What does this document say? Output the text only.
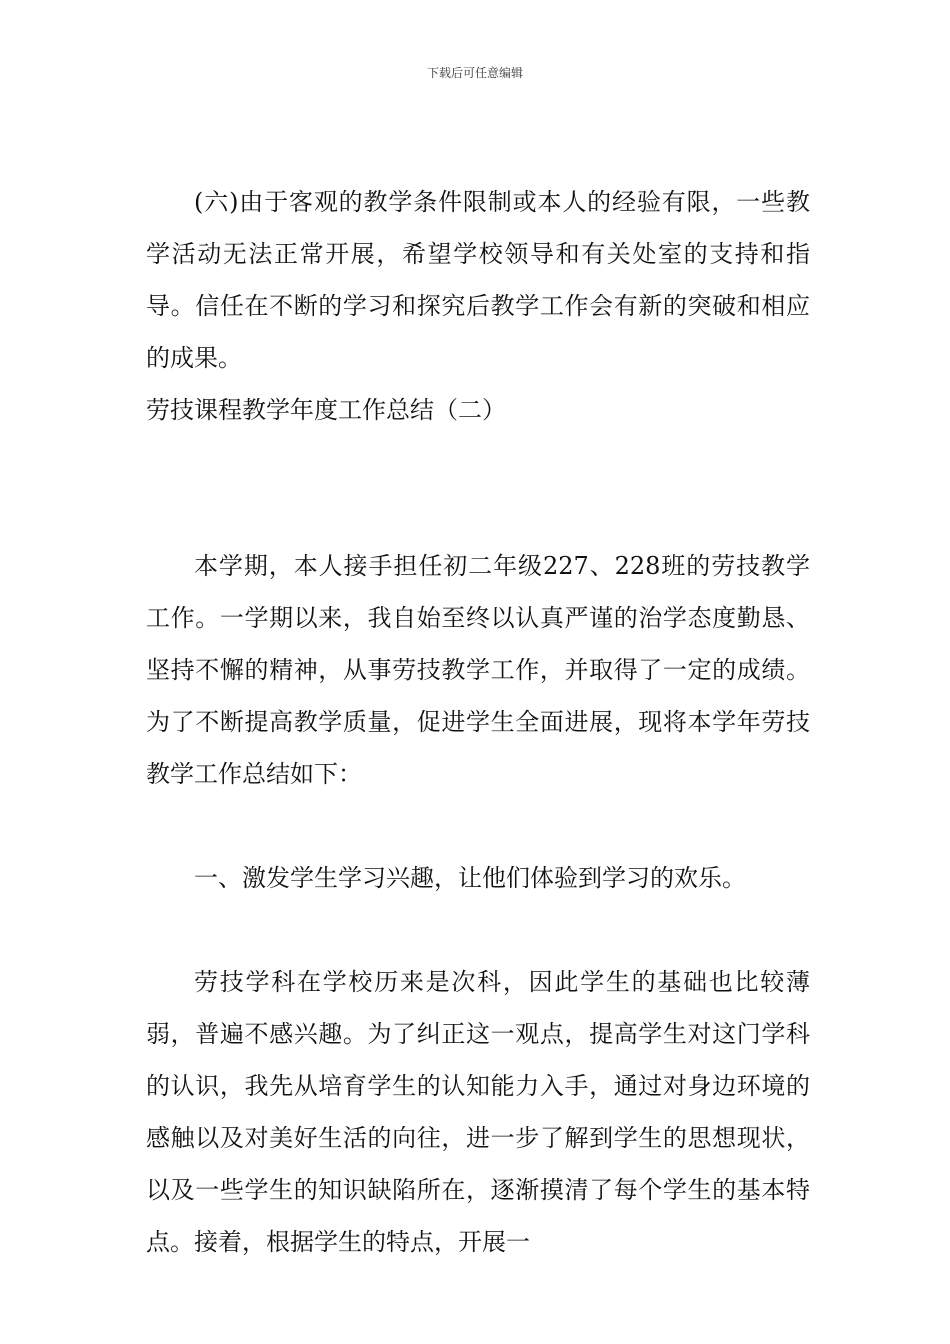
下载后可任意编辑

(六)由于客观的教学条件限制或本人的经验有限，一些教学活动无法正常开展，希望学校领导和有关处室的支持和指导。信任在不断的学习和探究后教学工作会有新的突破和相应的成果。

劳技课程教学年度工作总结（二）

本学期，本人接手担任初二年级227、228班的劳技教学工作。一学期以来，我自始至终以认真严谨的治学态度勤恳、坚持不懈的精神，从事劳技教学工作，并取得了一定的成绩。为了不断提高教学质量，促进学生全面进展，现将本学年劳技教学工作总结如下：

一、激发学生学习兴趣，让他们体验到学习的欢乐。

劳技学科在学校历来是次科，因此学生的基础也比较薄弱，普遍不感兴趣。为了纠正这一观点，提高学生对这门学科的认识，我先从培育学生的认知能力入手，通过对身边环境的感触以及对美好生活的向往，进一步了解到学生的思想现状，以及一些学生的知识缺陷所在，逐渐摸清了每个学生的基本特点。接着，根据学生的特点，开展一
